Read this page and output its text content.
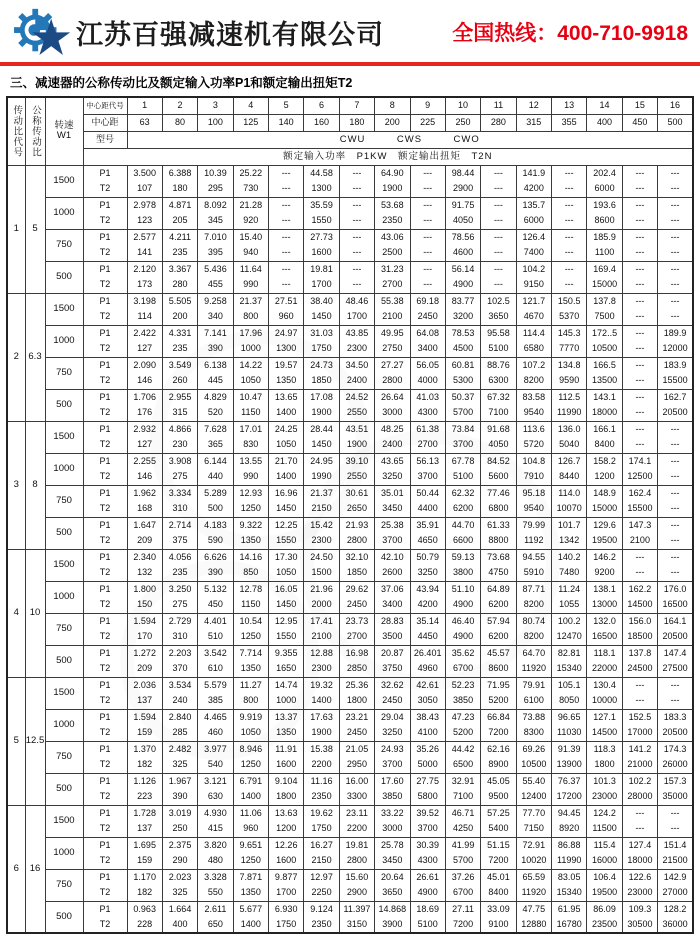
江苏百强减速机有限公司	全国热线：400-710-9918
三、减速器的公称传动比及额定输入功率P1和额定输出扭矩T2
传动比代号	公称传动比	转速
W1	中心距代号	1	2	3	4	5	6	7	8	9	10	11	12	13	14	15	16
			中心距	63	80	100	125	140	160	180	200	225	250	280	315	355	400	450	500
			型号	CWU　　　CWS　　　CWO															
			额定输入功率　P1KW　额定输出扭矩　T2N																
1	5	1500	P1	3.500	6.388	10.39	25.22	---	44.58	---	64.90	---	98.44	---	141.9	---	202.4	---	---
			T2	107	180	295	730	---	1300	---	1900	---	2900	---	4200	---	6000	---	---
		1000	P1	2.978	4.871	8.092	21.28	---	35.59	---	53.68	---	91.75	---	135.7	---	193.6	---	---
			T2	123	205	345	920	---	1550	---	2350	---	4050	---	6000	---	8600	---	---
		750	P1	2.577	4.211	7.010	15.40	---	27.73	---	43.06	---	78.56	---	126.4	---	185.9	---	---
			T2	141	235	395	940	---	1600	---	2500	---	4600	---	7400	---	1100	---	---
		500	P1	2.120	3.367	5.436	11.64	---	19.81	---	31.23	---	56.14	---	104.2	---	169.4	---	---
			T2	173	280	455	990	---	1700	---	2700	---	4900	---	9150	---	15000	---	---
2	6.3	1500	P1	3.198	5.505	9.258	21.37	27.51	38.40	48.46	55.38	69.18	83.77	102.5	121.7	150.5	137.8	---	---
			T2	114	200	340	800	960	1450	1700	2100	2450	3200	3650	4670	5370	7500	---	---
		1000	P1	2.422	4.331	7.141	17.96	24.97	31.03	43.85	49.95	64.08	78.53	95.58	114.4	145.3	172..5	---	189.9
			T2	127	235	390	1000	1300	1750	2300	2750	3400	4500	5100	6580	7770	10500	---	12000
		750	P1	2.090	3.549	6.138	14.22	19.57	24.73	34.50	27.27	56.05	60.81	88.76	107.2	134.8	166.5	---	183.9
			T2	146	260	445	1050	1350	1850	2400	2800	4000	5300	6300	8200	9590	13500	---	15500
		500	P1	1.706	2.955	4.829	10.47	13.65	17.08	24.52	26.64	41.03	50.37	67.32	83.58	112.5	143.1	---	162.7
			T2	176	315	520	1150	1400	1900	2550	3000	4300	5700	7100	9540	11990	18000	---	20500
3	8	1500	P1	2.932	4.866	7.628	17.01	24.25	28.44	43.51	48.25	61.38	73.84	91.68	113.6	136.0	166.1	---	---
			T2	127	230	365	830	1050	1450	1900	2400	2700	3700	4050	5720	5040	8400	---	---
		1000	P1	2.255	3.908	6.144	13.55	21.70	24.95	39.10	43.65	56.13	67.78	84.52	104.8	126.7	158.2	174.1	---
			T2	146	275	440	990	1400	1990	2550	3250	3700	5100	5600	7910	8440	1200	12500	---
		750	P1	1.962	3.334	5.289	12.93	16.96	21.37	30.61	35.01	50.44	62.32	77.46	95.18	114.0	148.9	162.4	---
			T2	168	310	500	1250	1450	2150	2650	3450	4400	6200	6800	9540	10070	15000	15500	---
		500	P1	1.647	2.714	4.183	9.322	12.25	15.42	21.93	25.38	35.91	44.70	61.33	79.99	101.7	129.6	147.3	---
			T2	209	375	590	1350	1550	2300	2800	3700	4650	6600	8800	1192	1342	19500	2100	---
4	10	1500	P1	2.340	4.056	6.626	14.16	17.30	24.50	32.10	42.10	50.79	59.13	73.68	94.55	140.2	146.2	---	---
			T2	132	235	390	850	1050	1500	1850	2600	3250	3800	4750	5910	7480	9200	---	---
		1000	P1	1.800	3.250	5.132	12.78	16.05	21.96	29.62	37.06	43.94	51.10	64.89	87.71	11.24	138.1	162.2	176.0
			T2	150	275	450	1150	1450	2000	2450	3400	4200	4900	6200	8200	1055	13000	14500	16500
		750	P1	1.594	2.729	4.401	10.54	12.95	17.41	23.73	28.83	35.14	46.40	57.94	80.74	100.2	132.0	156.0	164.1
			T2	170	310	510	1250	1550	2100	2700	3500	4450	4900	6200	8200	12470	16500	18500	20500
		500	P1	1.272	2.203	3.542	7.714	9.355	12.88	16.98	20.87	26.401	35.62	45.57	64.70	82.81	118.1	137.8	147.4
			T2	209	370	610	1350	1650	2300	2850	3750	4960	6700	8600	11920	15340	22000	24500	27500
5	12.5	1500	P1	2.036	3.534	5.579	11.27	14.74	19.32	25.36	32.62	42.61	52.23	71.95	79.91	105.1	130.4	---	---
			T2	137	240	385	800	1000	1400	1800	2450	3050	3850	5200	6100	8050	10000	---	---
		1000	P1	1.594	2.840	4.465	9.919	13.37	17.63	23.21	29.04	38.43	47.23	66.84	73.88	96.65	127.1	152.5	183.3
			T2	159	285	460	1050	1350	1900	2450	3250	4100	5200	7200	8300	11030	14500	17000	20500
		750	P1	1.370	2.482	3.977	8.946	11.91	15.38	21.05	24.93	35.26	44.42	62.16	69.26	91.39	118.3	141.2	174.3
			T2	182	325	540	1250	1600	2200	2950	3700	5000	6500	8900	10500	13900	1800	21000	26000
		500	P1	1.126	1.967	3.121	6.791	9.104	11.16	16.00	17.60	27.75	32.91	45.05	55.40	76.37	101.3	102.2	157.3
			T2	223	390	630	1400	1800	2350	3300	3850	5800	7100	9500	12400	17200	23000	28000	35000
6	16	1500	P1	1.728	3.019	4.930	11.06	13.63	19.62	23.11	33.22	39.52	46.71	57.25	77.70	94.45	124.2	---	---
			T2	137	250	415	960	1200	1750	2200	3000	3700	4250	5400	7150	8920	11500	---	---
		1000	P1	1.695	2.375	3.820	9.651	12.26	16.27	19.81	25.78	30.39	41.99	51.15	72.91	86.88	115.4	127.4	151.4
			T2	159	290	480	1250	1600	2150	2800	3450	4300	5700	7200	10020	11990	16000	18000	21500
		750	P1	1.170	2.023	3.328	7.871	9.877	12.97	15.60	20.64	26.61	37.26	45.01	65.59	83.05	106.4	122.6	142.9
			T2	182	325	550	1350	1700	2250	2900	3650	4900	6700	8400	11920	15340	19500	23000	27000
		500	P1	0.963	1.664	2.611	5.677	6.930	9.124	11.397	14.868	18.69	27.11	33.09	47.75	61.95	86.09	109.3	128.2
			T2	228	400	650	1400	1750	2350	3150	3900	5100	7200	9100	12880	16780	23500	30500	36000
